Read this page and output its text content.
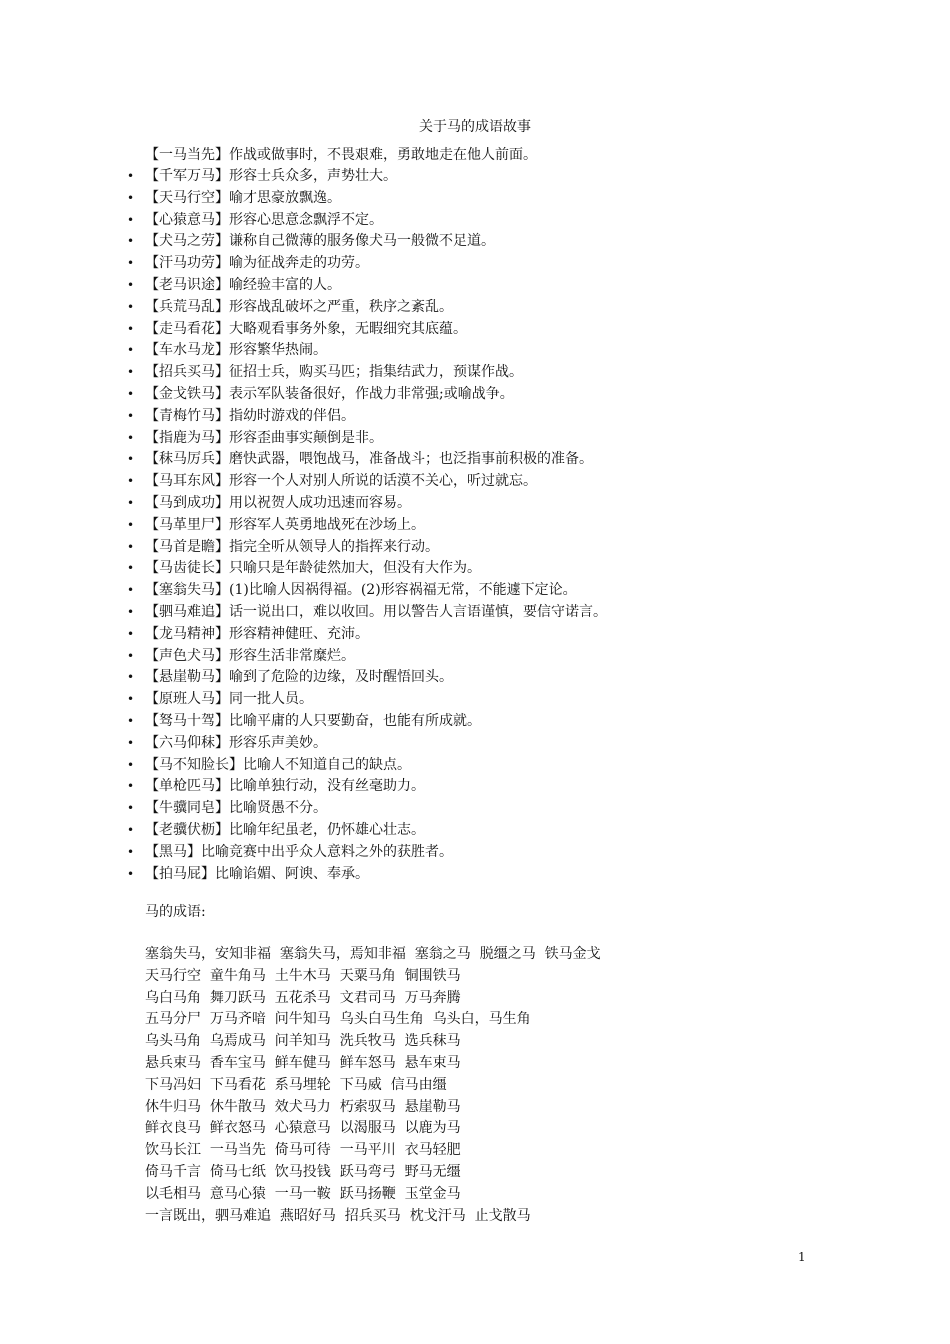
关于马的成语故事
【一马当先】作战或做事时，不畏艰难，勇敢地走在他人前面。
• 【千军万马】形容士兵众多，声势壮大。
• 【天马行空】喻才思豪放飘逸。
• 【心猿意马】形容心思意念飘浮不定。
• 【犬马之劳】谦称自己微薄的服务像犬马一般微不足道。
• 【汗马功劳】喻为征战奔走的功劳。
• 【老马识途】喻经验丰富的人。
• 【兵荒马乱】形容战乱破坏之严重，秩序之紊乱。
• 【走马看花】大略观看事务外象，无暇细究其底蕴。
• 【车水马龙】形容繁华热闹。
• 【招兵买马】征招士兵，购买马匹；指集结武力，预谋作战。
• 【金戈铁马】表示军队装备很好，作战力非常强;或喻战争。
• 【青梅竹马】指幼时游戏的伴侣。
• 【指鹿为马】形容歪曲事实颠倒是非。
• 【秣马厉兵】磨快武器，喂饱战马，准备战斗；也泛指事前积极的准备。
• 【马耳东风】形容一个人对别人所说的话漠不关心，听过就忘。
• 【马到成功】用以祝贺人成功迅速而容易。
• 【马革里尸】形容军人英勇地战死在沙场上。
• 【马首是瞻】指完全听从领导人的指挥来行动。
• 【马齿徒长】只喻只是年龄徒然加大，但没有大作为。
• 【塞翁失马】(1)比喻人因祸得福。(2)形容祸福无常，不能遽下定论。
• 【驷马难追】话一说出口，难以收回。用以警告人言语谨慎，要信守诺言。
• 【龙马精神】形容精神健旺、充沛。
• 【声色犬马】形容生活非常糜烂。
• 【悬崖勒马】喻到了危险的边缘，及时醒悟回头。
• 【原班人马】同一批人员。
• 【驽马十驾】比喻平庸的人只要勤奋，也能有所成就。
• 【六马仰秣】形容乐声美妙。
• 【马不知脸长】比喻人不知道自己的缺点。
• 【单枪匹马】比喻单独行动，没有丝毫助力。
• 【牛骥同皂】比喻贤愚不分。
• 【老骥伏枥】比喻年纪虽老，仍怀雄心壮志。
• 【黑马】比喻竞赛中出乎众人意料之外的获胜者。
• 【拍马屁】比喻谄媚、阿谀、奉承。
马的成语:
塞翁失马，安知非福  塞翁失马，焉知非福  塞翁之马  脱缰之马  铁马金戈
天马行空  童牛角马  土牛木马  天粟马角  铜围铁马
乌白马角  舞刀跃马  五花杀马  文君司马  万马奔腾
五马分尸  万马齐喑  问牛知马  乌头白马生角  乌头白，马生角
乌头马角  乌焉成马  问羊知马  洗兵牧马  选兵秣马
悬兵束马  香车宝马  鲜车健马  鲜车怒马  悬车束马
下马冯妇  下马看花  系马埋轮  下马威  信马由缰
休牛归马  休牛散马  效犬马力  朽索驭马  悬崖勒马
鲜衣良马  鲜衣怒马  心猿意马  以渴服马  以鹿为马
饮马长江  一马当先  倚马可待  一马平川  衣马轻肥
倚马千言  倚马七纸  饮马投钱  跃马弯弓  野马无缰
以毛相马  意马心猿  一马一鞍  跃马扬鞭  玉堂金马
一言既出，驷马难追  燕昭好马  招兵买马  枕戈汗马  止戈散马
1
